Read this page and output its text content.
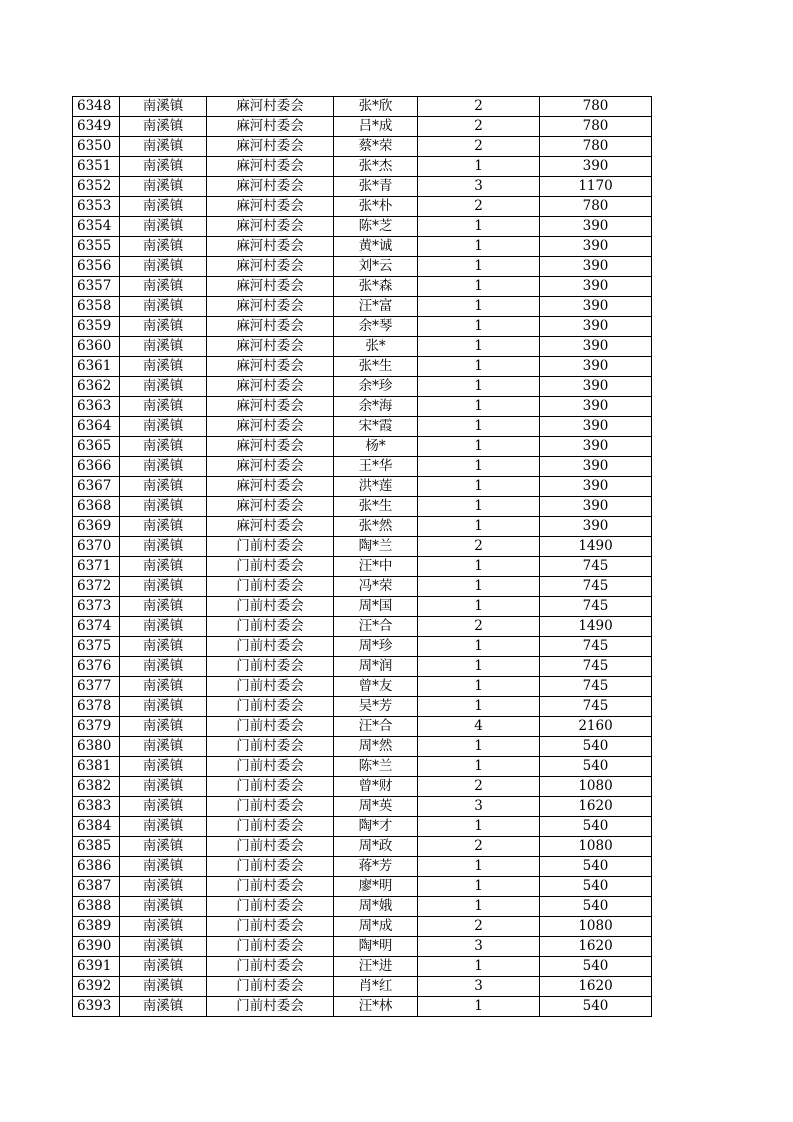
6348	南溪镇	麻河村委会	张*欣	2	780
6349	南溪镇	麻河村委会	吕*成	2	780
6350	南溪镇	麻河村委会	蔡*荣	2	780
6351	南溪镇	麻河村委会	张*杰	1	390
6352	南溪镇	麻河村委会	张*青	3	1170
6353	南溪镇	麻河村委会	张*朴	2	780
6354	南溪镇	麻河村委会	陈*芝	1	390
6355	南溪镇	麻河村委会	黄*诚	1	390
6356	南溪镇	麻河村委会	刘*云	1	390
6357	南溪镇	麻河村委会	张*森	1	390
6358	南溪镇	麻河村委会	汪*富	1	390
6359	南溪镇	麻河村委会	余*琴	1	390
6360	南溪镇	麻河村委会	张*	1	390
6361	南溪镇	麻河村委会	张*生	1	390
6362	南溪镇	麻河村委会	余*珍	1	390
6363	南溪镇	麻河村委会	余*海	1	390
6364	南溪镇	麻河村委会	宋*霞	1	390
6365	南溪镇	麻河村委会	杨*	1	390
6366	南溪镇	麻河村委会	王*华	1	390
6367	南溪镇	麻河村委会	洪*莲	1	390
6368	南溪镇	麻河村委会	张*生	1	390
6369	南溪镇	麻河村委会	张*然	1	390
6370	南溪镇	门前村委会	陶*兰	2	1490
6371	南溪镇	门前村委会	汪*中	1	745
6372	南溪镇	门前村委会	冯*荣	1	745
6373	南溪镇	门前村委会	周*国	1	745
6374	南溪镇	门前村委会	汪*合	2	1490
6375	南溪镇	门前村委会	周*珍	1	745
6376	南溪镇	门前村委会	周*润	1	745
6377	南溪镇	门前村委会	曾*友	1	745
6378	南溪镇	门前村委会	吴*芳	1	745
6379	南溪镇	门前村委会	汪*合	4	2160
6380	南溪镇	门前村委会	周*然	1	540
6381	南溪镇	门前村委会	陈*兰	1	540
6382	南溪镇	门前村委会	曾*财	2	1080
6383	南溪镇	门前村委会	周*英	3	1620
6384	南溪镇	门前村委会	陶*才	1	540
6385	南溪镇	门前村委会	周*政	2	1080
6386	南溪镇	门前村委会	蒋*芳	1	540
6387	南溪镇	门前村委会	廖*明	1	540
6388	南溪镇	门前村委会	周*娥	1	540
6389	南溪镇	门前村委会	周*成	2	1080
6390	南溪镇	门前村委会	陶*明	3	1620
6391	南溪镇	门前村委会	汪*进	1	540
6392	南溪镇	门前村委会	肖*红	3	1620
6393	南溪镇	门前村委会	汪*林	1	540
